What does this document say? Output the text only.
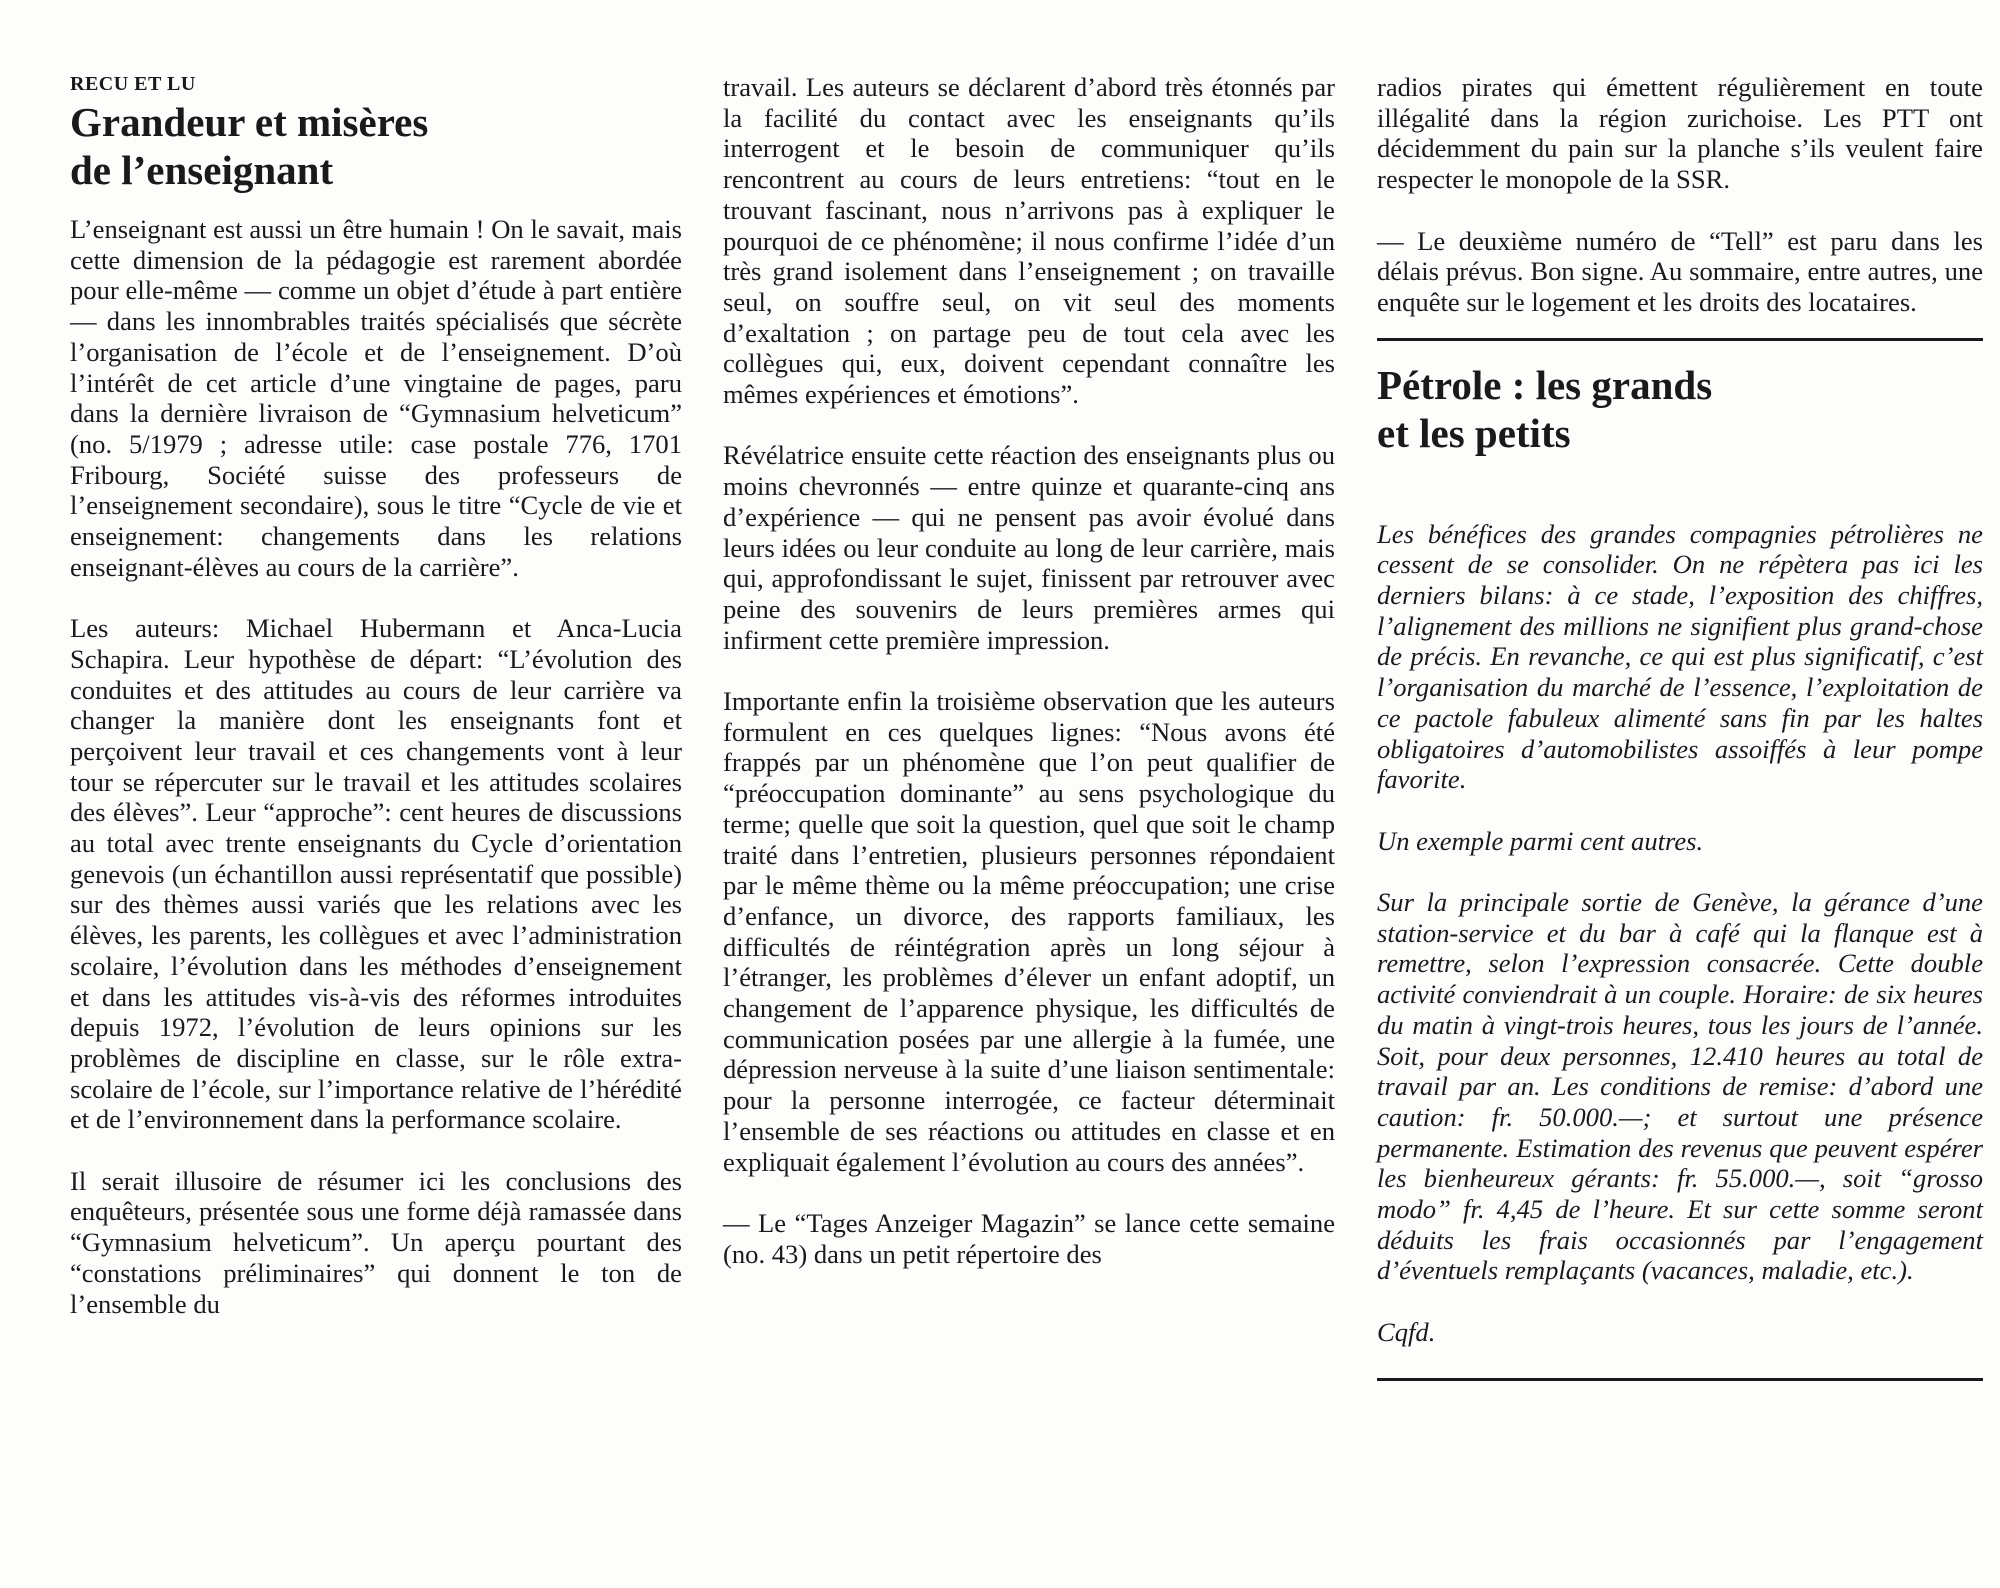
RECU ET LU
Grandeur et misères
de l’enseignant

L’enseignant est aussi un être humain ! On le savait, mais cette dimension de la pédagogie est rarement abordée pour elle-même — comme un objet d’étude à part entière — dans les innombrables traités spécialisés que sécrète l’organisation de l’école et de l’enseignement. D’où l’intérêt de cet article d’une vingtaine de pages, paru dans la dernière livraison de “Gymnasium helveticum” (no. 5/1979 ; adresse utile: case postale 776, 1701 Fribourg, Société suisse des professeurs de l’enseignement secondaire), sous le titre “Cycle de vie et enseignement: changements dans les relations enseignant-élèves au cours de la carrière”.

Les auteurs: Michael Hubermann et Anca-Lucia Schapira. Leur hypothèse de départ: “L’évolution des conduites et des attitudes au cours de leur carrière va changer la manière dont les enseignants font et perçoivent leur travail et ces changements vont à leur tour se répercuter sur le travail et les attitudes scolaires des élèves”. Leur “approche”: cent heures de discussions au total avec trente enseignants du Cycle d’orientation genevois (un échantillon aussi représentatif que possible) sur des thèmes aussi variés que les relations avec les élèves, les parents, les collègues et avec l’administration scolaire, l’évolution dans les méthodes d’enseignement et dans les attitudes vis-à-vis des réformes introduites depuis 1972, l’évolution de leurs opinions sur les problèmes de discipline en classe, sur le rôle extra-scolaire de l’école, sur l’importance relative de l’hérédité et de l’environnement dans la performance scolaire.

Il serait illusoire de résumer ici les conclusions des enquêteurs, présentée sous une forme déjà ramassée dans “Gymnasium helveticum”. Un aperçu pourtant des “constations préliminaires” qui donnent le ton de l’ensemble du

travail. Les auteurs se déclarent d’abord très étonnés par la facilité du contact avec les enseignants qu’ils interrogent et le besoin de communiquer qu’ils rencontrent au cours de leurs entretiens: “tout en le trouvant fascinant, nous n’arrivons pas à expliquer le pourquoi de ce phénomène; il nous confirme l’idée d’un très grand isolement dans l’enseignement ; on travaille seul, on souffre seul, on vit seul des moments d’exaltation ; on partage peu de tout cela avec les collègues qui, eux, doivent cependant connaître les mêmes expériences et émotions”.

Révélatrice ensuite cette réaction des enseignants plus ou moins chevronnés — entre quinze et quarante-cinq ans d’expérience — qui ne pensent pas avoir évolué dans leurs idées ou leur conduite au long de leur carrière, mais qui, approfondissant le sujet, finissent par retrouver avec peine des souvenirs de leurs premières armes qui infirment cette première impression.

Importante enfin la troisième observation que les auteurs formulent en ces quelques lignes: “Nous avons été frappés par un phénomène que l’on peut qualifier de “préoccupation dominante” au sens psychologique du terme; quelle que soit la question, quel que soit le champ traité dans l’entretien, plusieurs personnes répondaient par le même thème ou la même préoccupation; une crise d’enfance, un divorce, des rapports familiaux, les difficultés de réintégration après un long séjour à l’étranger, les problèmes d’élever un enfant adoptif, un changement de l’apparence physique, les difficultés de communication posées par une allergie à la fumée, une dépression nerveuse à la suite d’une liaison sentimentale: pour la personne interrogée, ce facteur déterminait l’ensemble de ses réactions ou attitudes en classe et en expliquait également l’évolution au cours des années”.

— Le “Tages Anzeiger Magazin” se lance cette semaine (no. 43) dans un petit répertoire des

radios pirates qui émettent régulièrement en toute illégalité dans la région zurichoise. Les PTT ont décidemment du pain sur la planche s’ils veulent faire respecter le monopole de la SSR.

— Le deuxième numéro de “Tell” est paru dans les délais prévus. Bon signe. Au sommaire, entre autres, une enquête sur le logement et les droits des locataires.

Pétrole : les grands
et les petits

Les bénéfices des grandes compagnies pétrolières ne cessent de se consolider. On ne répètera pas ici les derniers bilans: à ce stade, l’exposition des chiffres, l’alignement des millions ne signifient plus grand-chose de précis. En revanche, ce qui est plus significatif, c’est l’organisation du marché de l’essence, l’exploitation de ce pactole fabuleux alimenté sans fin par les haltes obligatoires d’automobilistes assoiffés à leur pompe favorite.

Un exemple parmi cent autres.

Sur la principale sortie de Genève, la gérance d’une station-service et du bar à café qui la flanque est à remettre, selon l’expression consacrée. Cette double activité conviendrait à un couple. Horaire: de six heures du matin à vingt-trois heures, tous les jours de l’année. Soit, pour deux personnes, 12.410 heures au total de travail par an. Les conditions de remise: d’abord une caution: fr. 50.000.—; et surtout une présence permanente. Estimation des revenus que peuvent espérer les bienheureux gérants: fr. 55.000.—, soit “grosso modo” fr. 4,45 de l’heure. Et sur cette somme seront déduits les frais occasionnés par l’engagement d’éventuels remplaçants (vacances, maladie, etc.).

Cqfd.
